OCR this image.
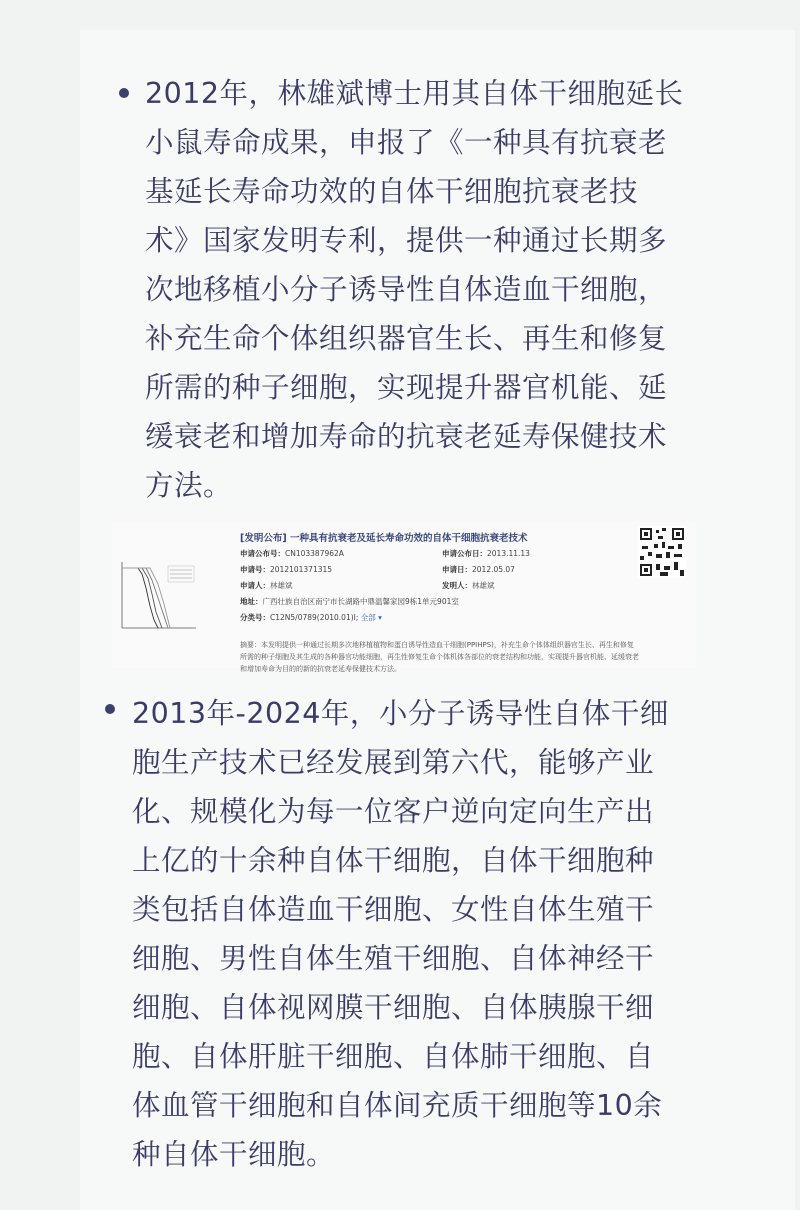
2012年，林雄斌博士用其自体干细胞延长
小鼠寿命成果，申报了《一种具有抗衰老
基延长寿命功效的自体干细胞抗衰老技
术》国家发明专利，提供一种通过长期多
次地移植小分子诱导性自体造血干细胞，
补充生命个体组织器官生长、再生和修复
所需的种子细胞，实现提升器官机能、延
缓衰老和增加寿命的抗衰老延寿保健技术
方法。
[发明公布] 一种具有抗衰老及延长寿命功效的自体干细胞抗衰老技术
申请公布号：CN103387962A	申请公布日：2013.11.13
申请号：2012101371315	申请日：2012.05.07
申请人：林雄斌	发明人：林雄斌
地址：广西壮族自治区南宁市长湖路中鼎温馨家园9栋1单元901室
分类号：C12N5/0789(2010.01)I; 全部 ▾
摘要：本发明提供一种通过长期多次地移植植物和蛋白诱导性造血干细胞(PPIHPS)，补充生命个体体组织器官生长、再生和修复
所需的种子细胞及其生成的各种器官功能细胞，再生性修复生命个体机体各部位的衰老结构和功能，实现提升器官机能、延缓衰老
和增加寿命为目的的新的抗衰老延寿保健技术方法。
2013年-2024年，小分子诱导性自体干细
胞生产技术已经发展到第六代，能够产业
化、规模化为每一位客户逆向定向生产出
上亿的十余种自体干细胞，自体干细胞种
类包括自体造血干细胞、女性自体生殖干
细胞、男性自体生殖干细胞、自体神经干
细胞、自体视网膜干细胞、自体胰腺干细
胞、自体肝脏干细胞、自体肺干细胞、自
体血管干细胞和自体间充质干细胞等10余
种自体干细胞。
